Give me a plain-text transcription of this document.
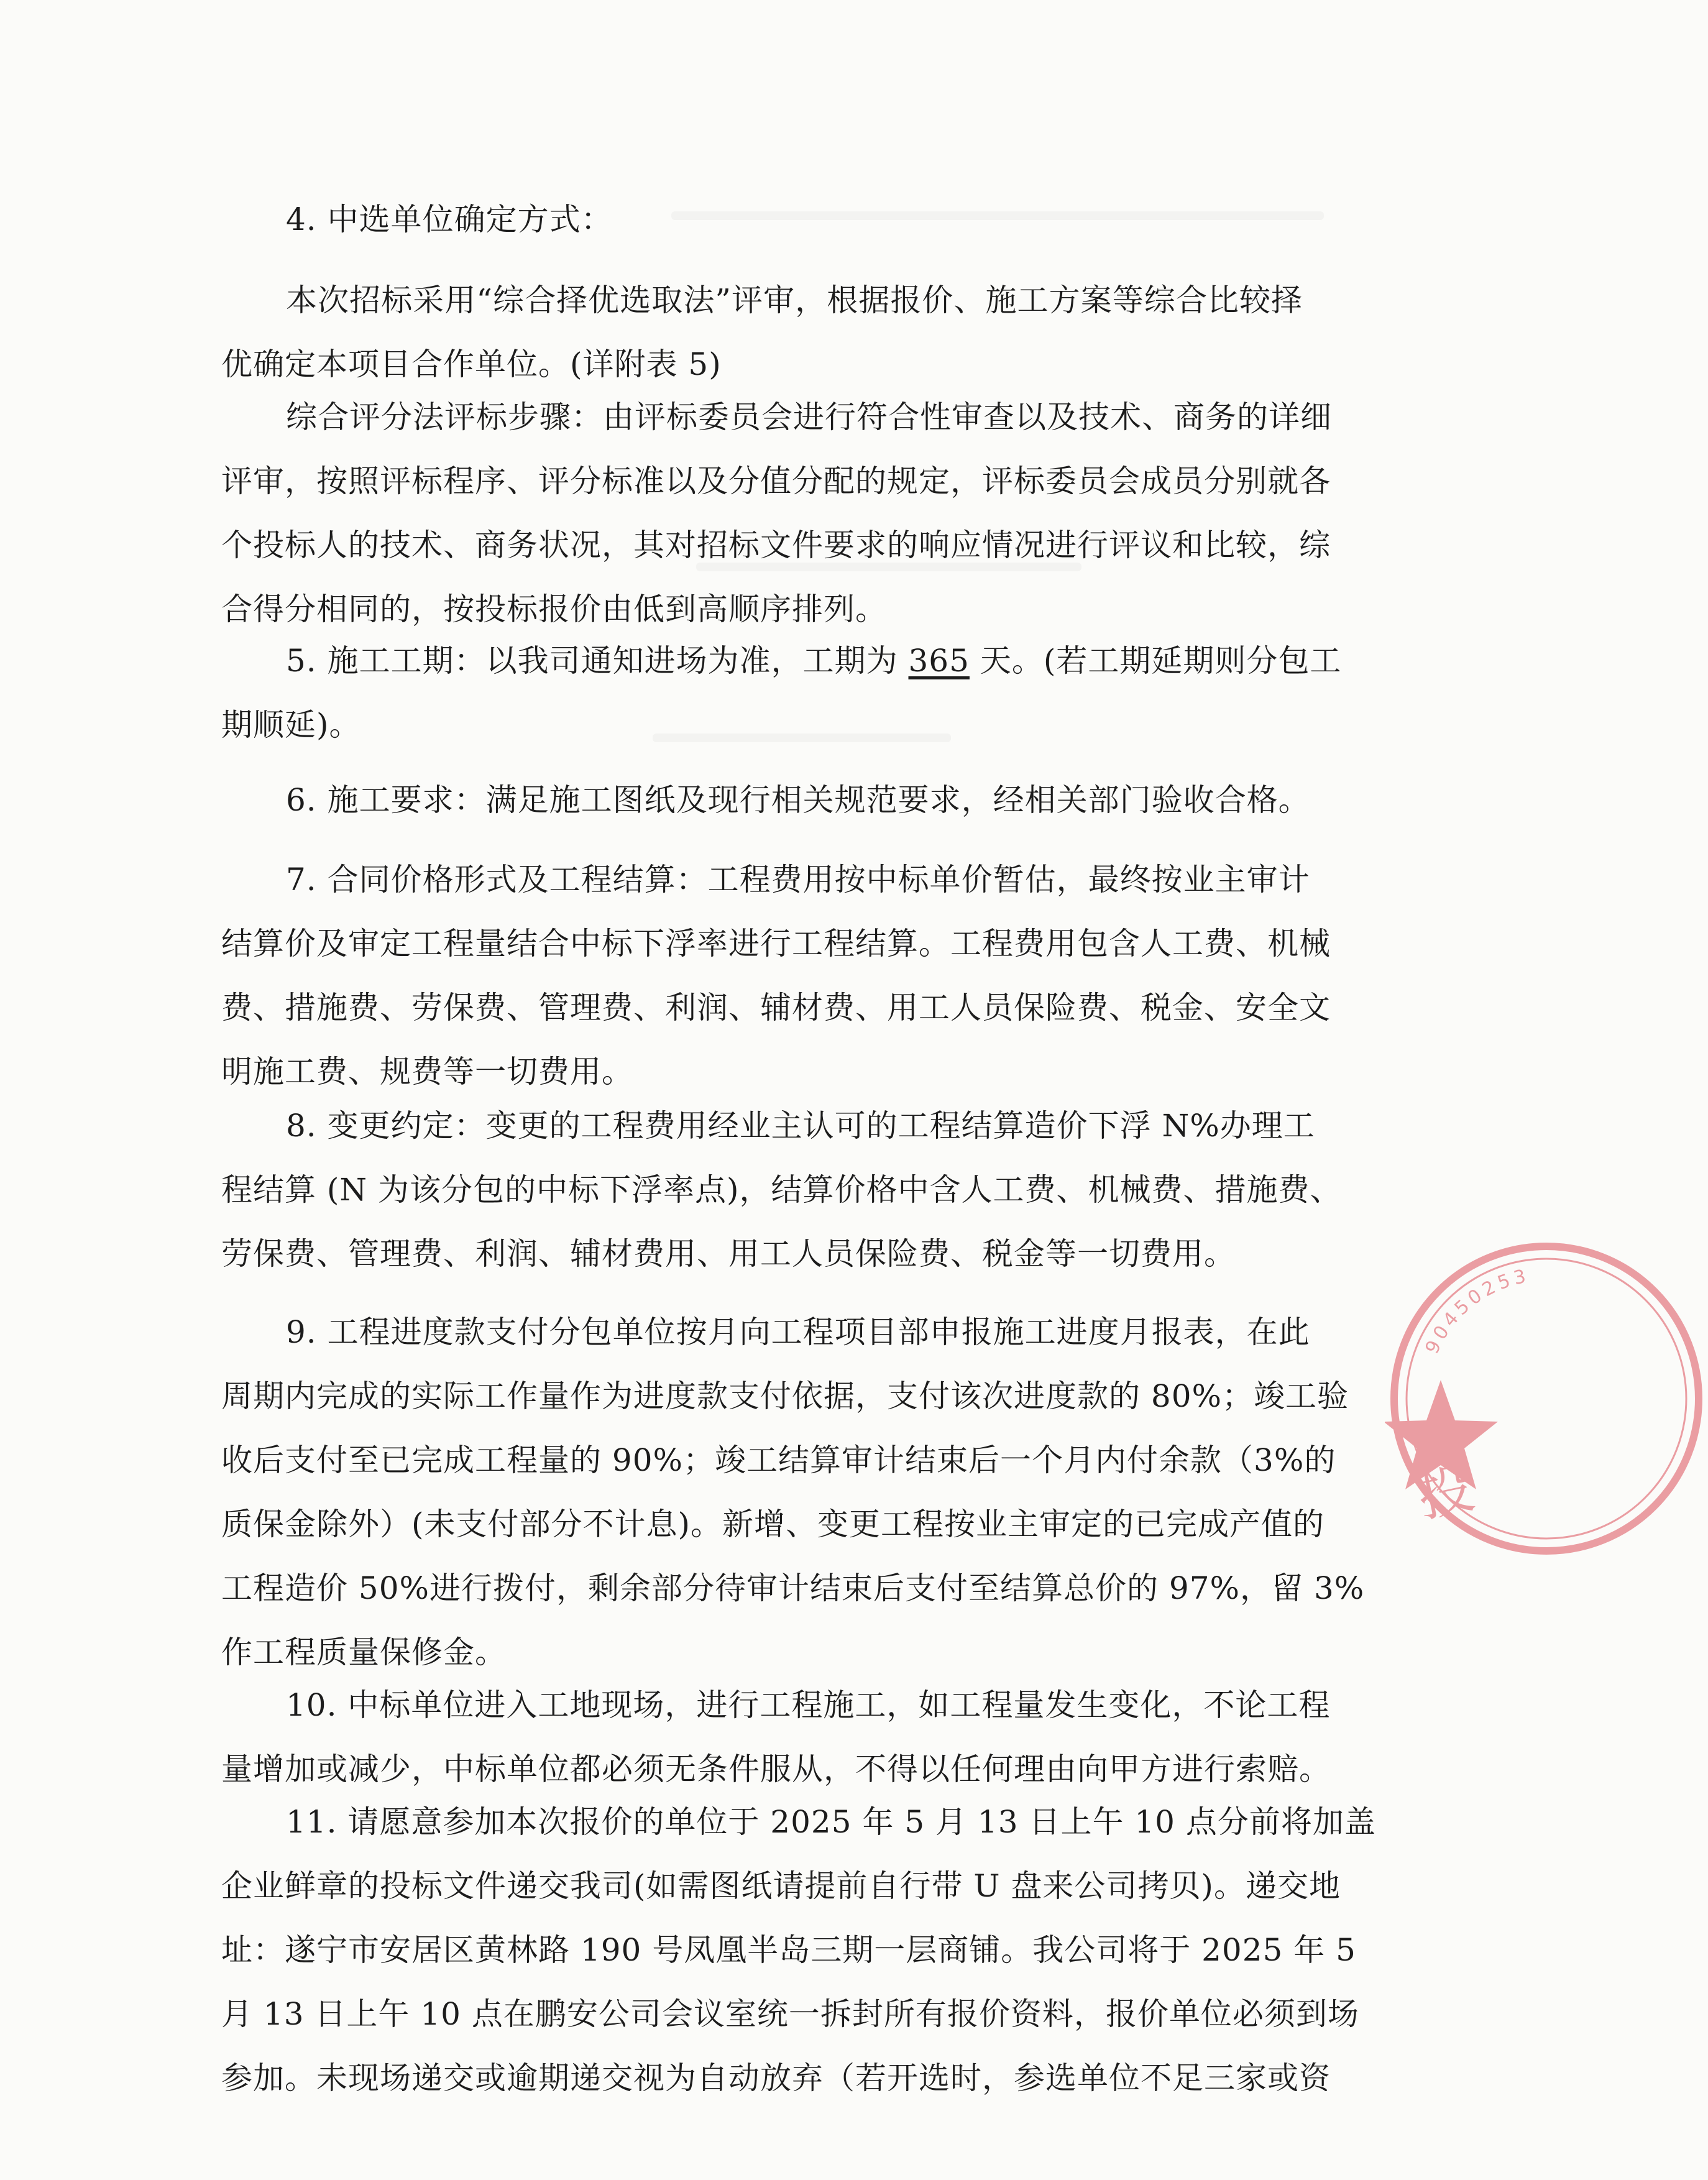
4. 中选单位确定方式：
本次招标采用“综合择优选取法”评审，根据报价、施工方案等综合比较择
优确定本项目合作单位。(详附表 5)
综合评分法评标步骤：由评标委员会进行符合性审查以及技术、商务的详细
评审，按照评标程序、评分标准以及分值分配的规定，评标委员会成员分别就各
个投标人的技术、商务状况，其对招标文件要求的响应情况进行评议和比较，综
合得分相同的，按投标报价由低到高顺序排列。
5. 施工工期：以我司通知进场为准，工期为 365 天。(若工期延期则分包工
期顺延)。
6. 施工要求：满足施工图纸及现行相关规范要求，经相关部门验收合格。
7. 合同价格形式及工程结算：工程费用按中标单价暂估，最终按业主审计
结算价及审定工程量结合中标下浮率进行工程结算。工程费用包含人工费、机械
费、措施费、劳保费、管理费、利润、辅材费、用工人员保险费、税金、安全文
明施工费、规费等一切费用。
8. 变更约定：变更的工程费用经业主认可的工程结算造价下浮 N%办理工
程结算 (N 为该分包的中标下浮率点)，结算价格中含人工费、机械费、措施费、
劳保费、管理费、利润、辅材费用、用工人员保险费、税金等一切费用。
9. 工程进度款支付分包单位按月向工程项目部申报施工进度月报表，在此
周期内完成的实际工作量作为进度款支付依据，支付该次进度款的 80%；竣工验
收后支付至已完成工程量的 90%；竣工结算审计结束后一个月内付余款（3%的
质保金除外）(未支付部分不计息)。新增、变更工程按业主审定的已完成产值的
工程造价 50%进行拨付，剩余部分待审计结束后支付至结算总价的 97%，留 3%
作工程质量保修金。
10. 中标单位进入工地现场，进行工程施工，如工程量发生变化，不论工程
量增加或减少，中标单位都必须无条件服从，不得以任何理由向甲方进行索赔。
11. 请愿意参加本次报价的单位于 2025 年 5 月 13 日上午 10 点分前将加盖
企业鲜章的投标文件递交我司(如需图纸请提前自行带 U 盘来公司拷贝)。递交地
址：遂宁市安居区黄林路 190 号凤凰半岛三期一层商铺。我公司将于 2025 年 5
月 13 日上午 10 点在鹏安公司会议室统一拆封所有报价资料，报价单位必须到场
参加。未现场递交或逾期递交视为自动放弃（若开选时，参选单位不足三家或资
90450253
投
